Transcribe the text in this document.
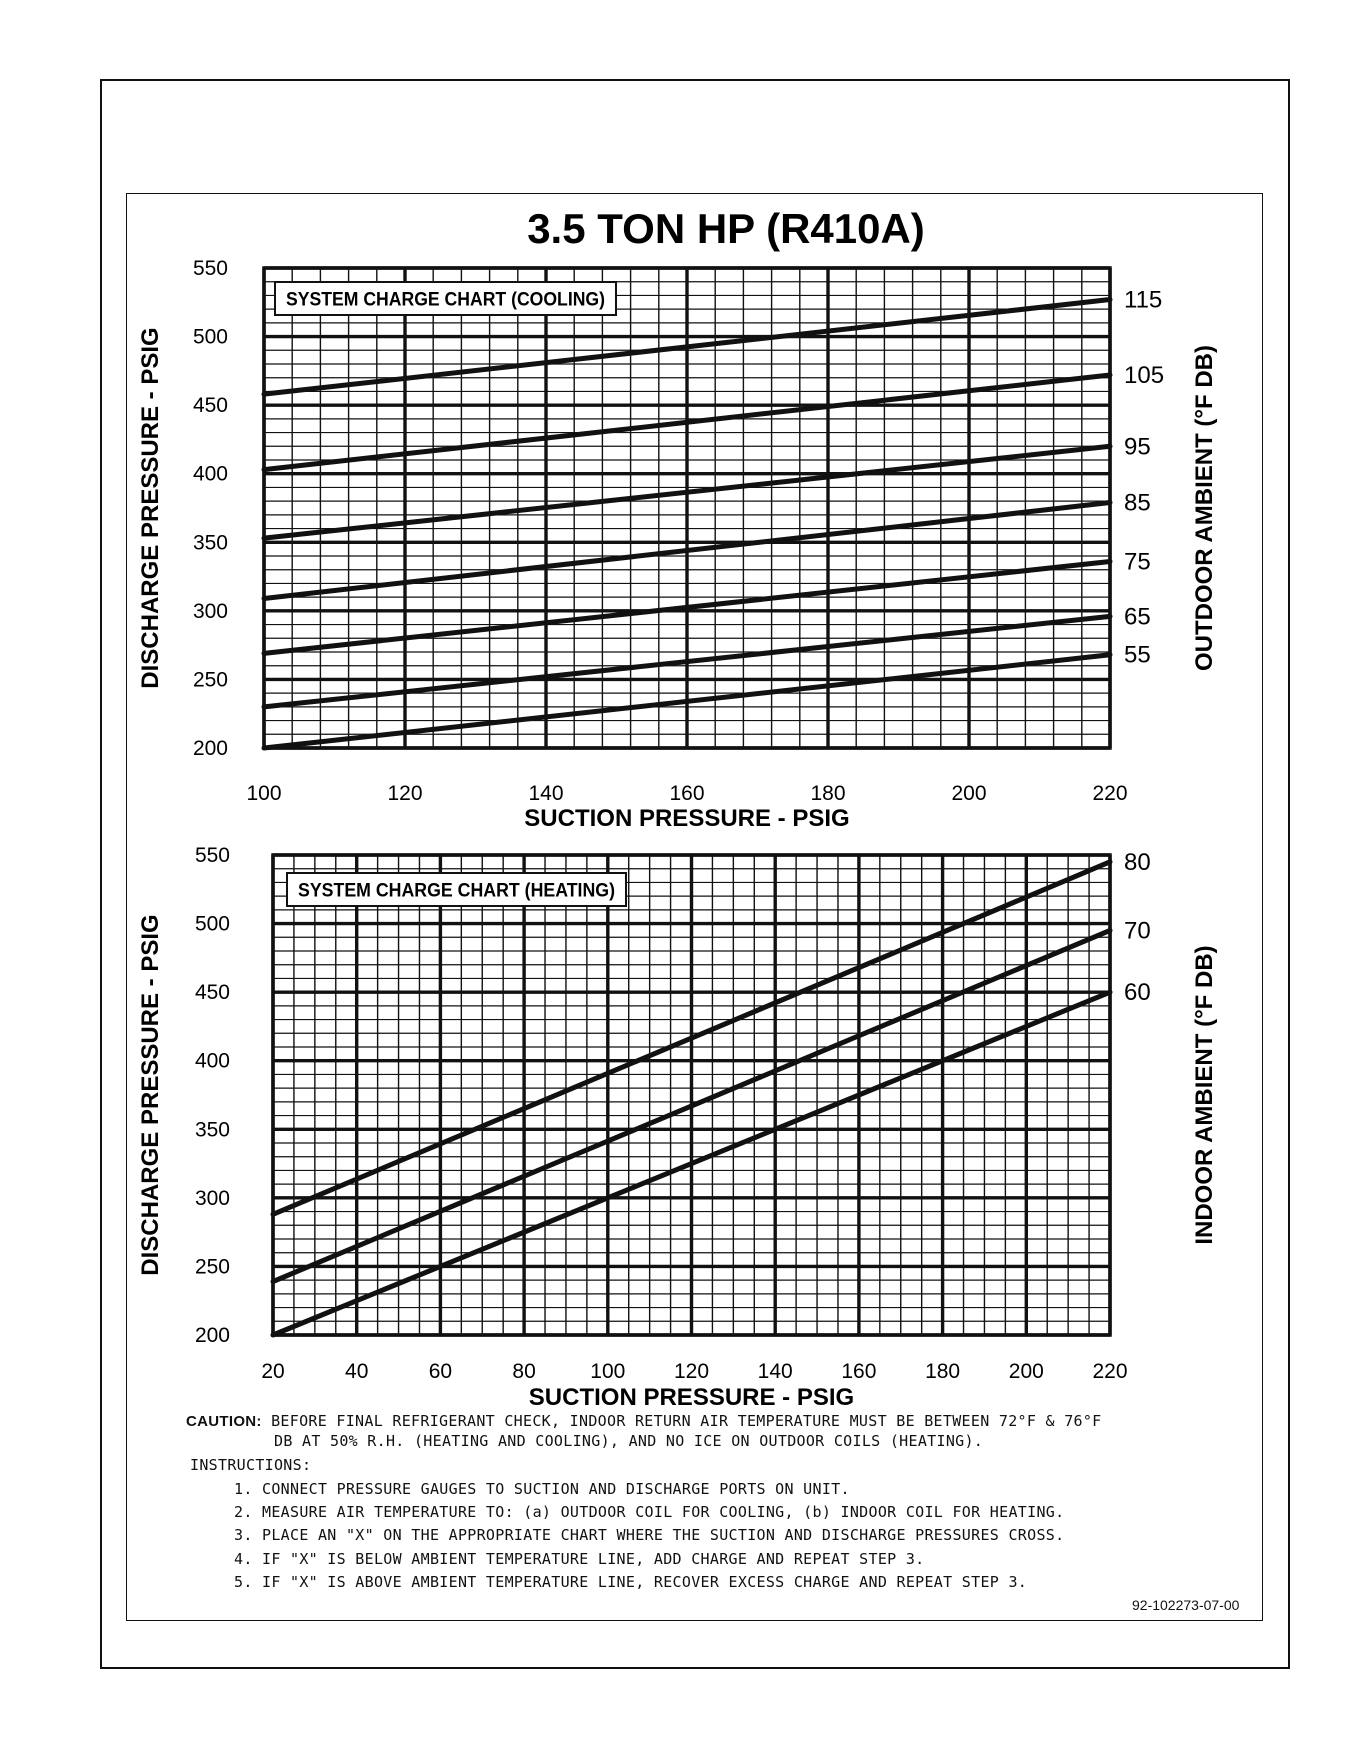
3.5 TON HP (R410A)
100	120	140	160	180	200	220
200
250
300
350
400
450
500
550
115
105
95
85
75
65
55
SYSTEM CHARGE CHART (COOLING)
SUCTION PRESSURE - PSIG
DISCHARGE PRESSURE - PSIG	OUTDOOR AMBIENT (°F DB)
20	40	60	80	100 120 140 160 180 200 220
200
250
300
350
400
450
500
550	80
70
60
SYSTEM CHARGE CHART (HEATING)
SUCTION PRESSURE - PSIG
DISCHARGE PRESSURE - PSIG	INDOOR AMBIENT (°F DB)
CAUTION: BEFORE FINAL REFRIGERANT CHECK, INDOOR RETURN AIR TEMPERATURE MUST BE BETWEEN 72°F & 76°F
DB AT 50% R.H. (HEATING AND COOLING), AND NO ICE ON OUTDOOR COILS (HEATING).
INSTRUCTIONS:
1. CONNECT PRESSURE GAUGES TO SUCTION AND DISCHARGE PORTS ON UNIT.
2. MEASURE AIR TEMPERATURE TO: (a) OUTDOOR COIL FOR COOLING, (b) INDOOR COIL FOR HEATING.
3. PLACE AN "X" ON THE APPROPRIATE CHART WHERE THE SUCTION AND DISCHARGE PRESSURES CROSS.
4. IF "X" IS BELOW AMBIENT TEMPERATURE LINE, ADD CHARGE AND REPEAT STEP 3.
5. IF "X" IS ABOVE AMBIENT TEMPERATURE LINE, RECOVER EXCESS CHARGE AND REPEAT STEP 3.
92-102273-07-00
